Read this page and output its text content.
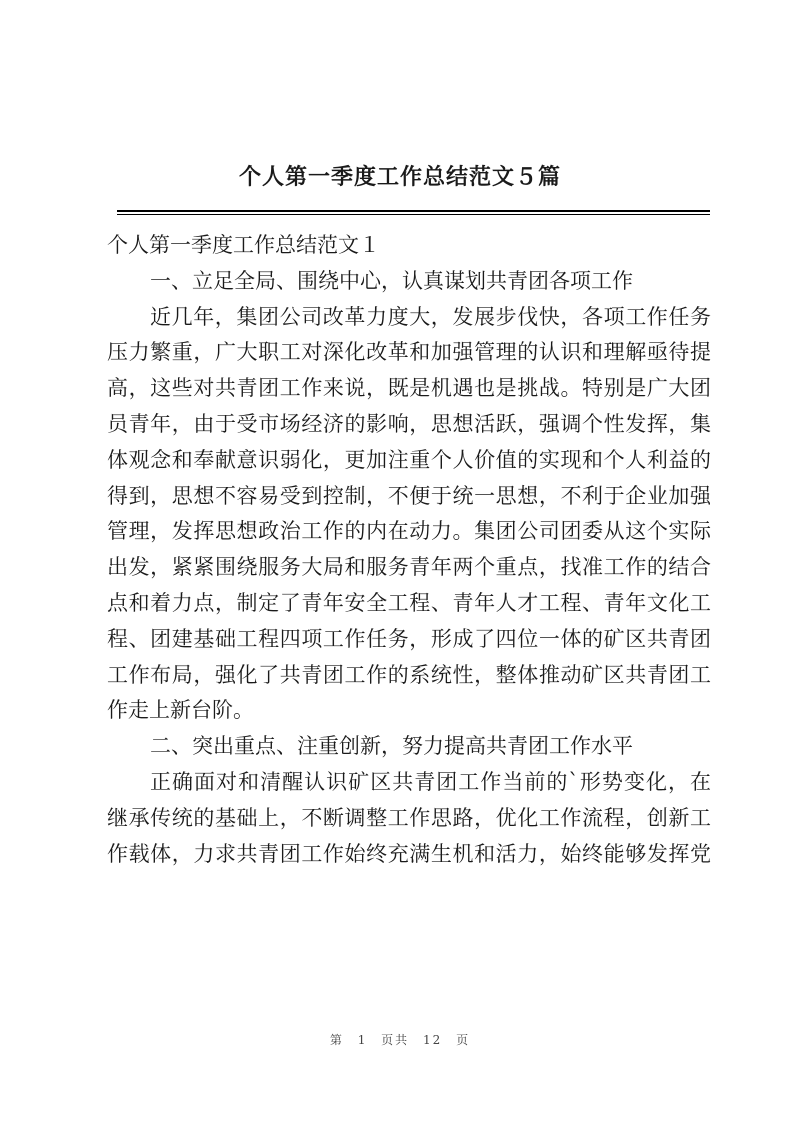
个人第一季度工作总结范文５篇
个人第一季度工作总结范文１
一、立足全局、围绕中心，认真谋划共青团各项工作
近几年，集团公司改革力度大，发展步伐快，各项工作任务
压力繁重，广大职工对深化改革和加强管理的认识和理解亟待提
高，这些对共青团工作来说，既是机遇也是挑战。特别是广大团
员青年，由于受市场经济的影响，思想活跃，强调个性发挥，集
体观念和奉献意识弱化，更加注重个人价值的实现和个人利益的
得到，思想不容易受到控制，不便于统一思想，不利于企业加强
管理，发挥思想政治工作的内在动力。集团公司团委从这个实际
出发，紧紧围绕服务大局和服务青年两个重点，找准工作的结合
点和着力点，制定了青年安全工程、青年人才工程、青年文化工
程、团建基础工程四项工作任务，形成了四位一体的矿区共青团
工作布局，强化了共青团工作的系统性，整体推动矿区共青团工
作走上新台阶。
二、突出重点、注重创新，努力提高共青团工作水平
正确面对和清醒认识矿区共青团工作当前的`形势变化，在
继承传统的基础上，不断调整工作思路，优化工作流程，创新工
作载体，力求共青团工作始终充满生机和活力，始终能够发挥党
第 1 页共 12 页
